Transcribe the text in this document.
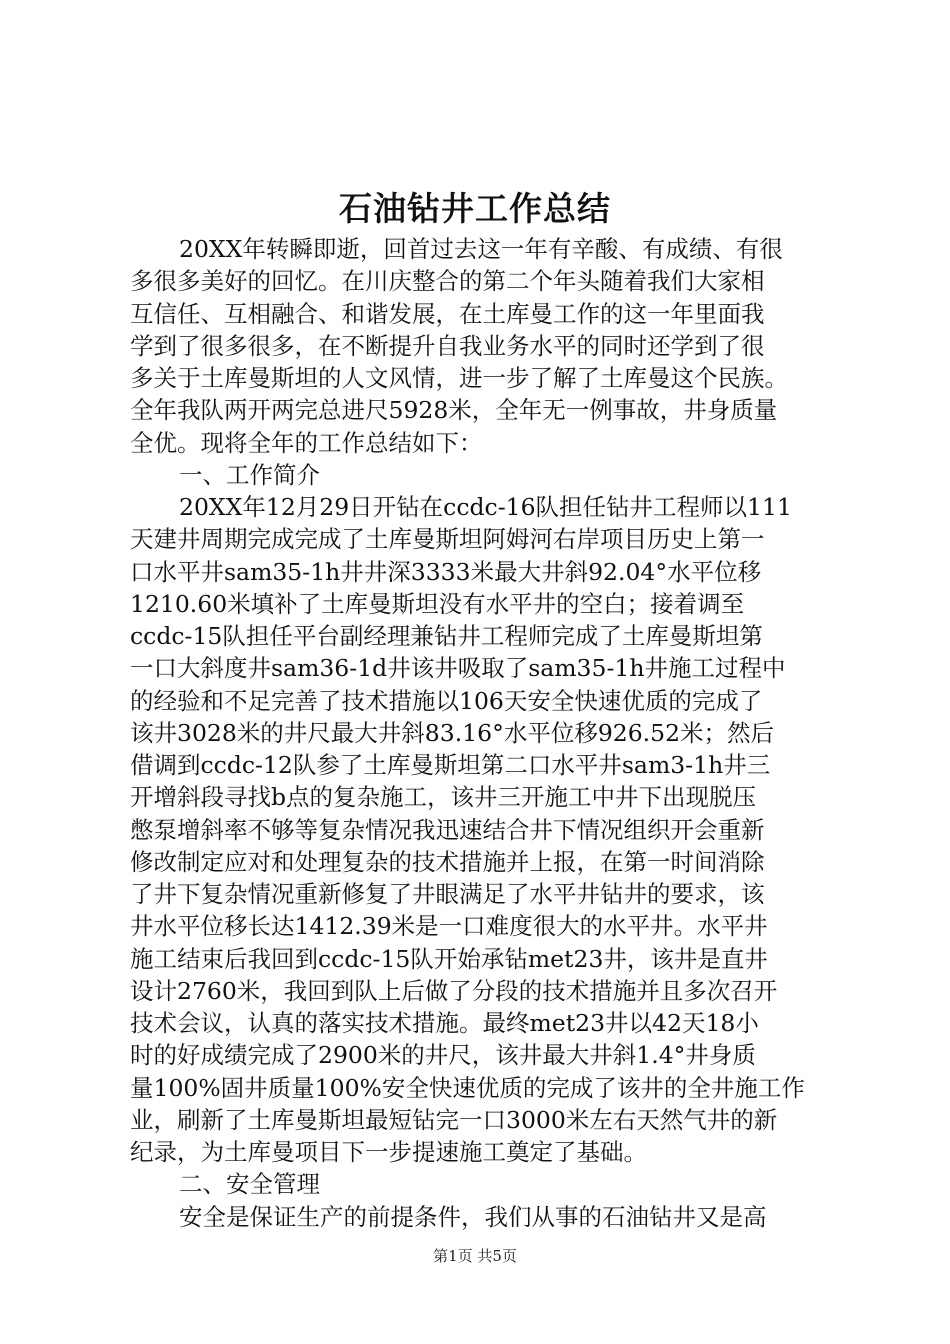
石油钻井工作总结
20XX年转瞬即逝，回首过去这一年有辛酸、有成绩、有很
多很多美好的回忆。在川庆整合的第二个年头随着我们大家相
互信任、互相融合、和谐发展，在土库曼工作的这一年里面我
学到了很多很多，在不断提升自我业务水平的同时还学到了很
多关于土库曼斯坦的人文风情，进一步了解了土库曼这个民族。
全年我队两开两完总进尺5928米，全年无一例事故，井身质量
全优。现将全年的工作总结如下：
一、工作简介
20XX年12月29日开钻在ccdc-16队担任钻井工程师以111
天建井周期完成完成了土库曼斯坦阿姆河右岸项目历史上第一
口水平井sam35-1h井井深3333米最大井斜92.04°水平位移
1210.60米填补了土库曼斯坦没有水平井的空白；接着调至
ccdc-15队担任平台副经理兼钻井工程师完成了土库曼斯坦第
一口大斜度井sam36-1d井该井吸取了sam35-1h井施工过程中
的经验和不足完善了技术措施以106天安全快速优质的完成了
该井3028米的井尺最大井斜83.16°水平位移926.52米；然后
借调到ccdc-12队参了土库曼斯坦第二口水平井sam3-1h井三
开增斜段寻找b点的复杂施工，该井三开施工中井下出现脱压
憋泵增斜率不够等复杂情况我迅速结合井下情况组织开会重新
修改制定应对和处理复杂的技术措施并上报，在第一时间消除
了井下复杂情况重新修复了井眼满足了水平井钻井的要求，该
井水平位移长达1412.39米是一口难度很大的水平井。水平井
施工结束后我回到ccdc-15队开始承钻met23井，该井是直井
设计2760米，我回到队上后做了分段的技术措施并且多次召开
技术会议，认真的落实技术措施。最终met23井以42天18小
时的好成绩完成了2900米的井尺，该井最大井斜1.4°井身质
量100%固井质量100%安全快速优质的完成了该井的全井施工作
业，刷新了土库曼斯坦最短钻完一口3000米左右天然气井的新
纪录，为土库曼项目下一步提速施工奠定了基础。
二、安全管理
安全是保证生产的前提条件，我们从事的石油钻井又是高
第1页 共5页
